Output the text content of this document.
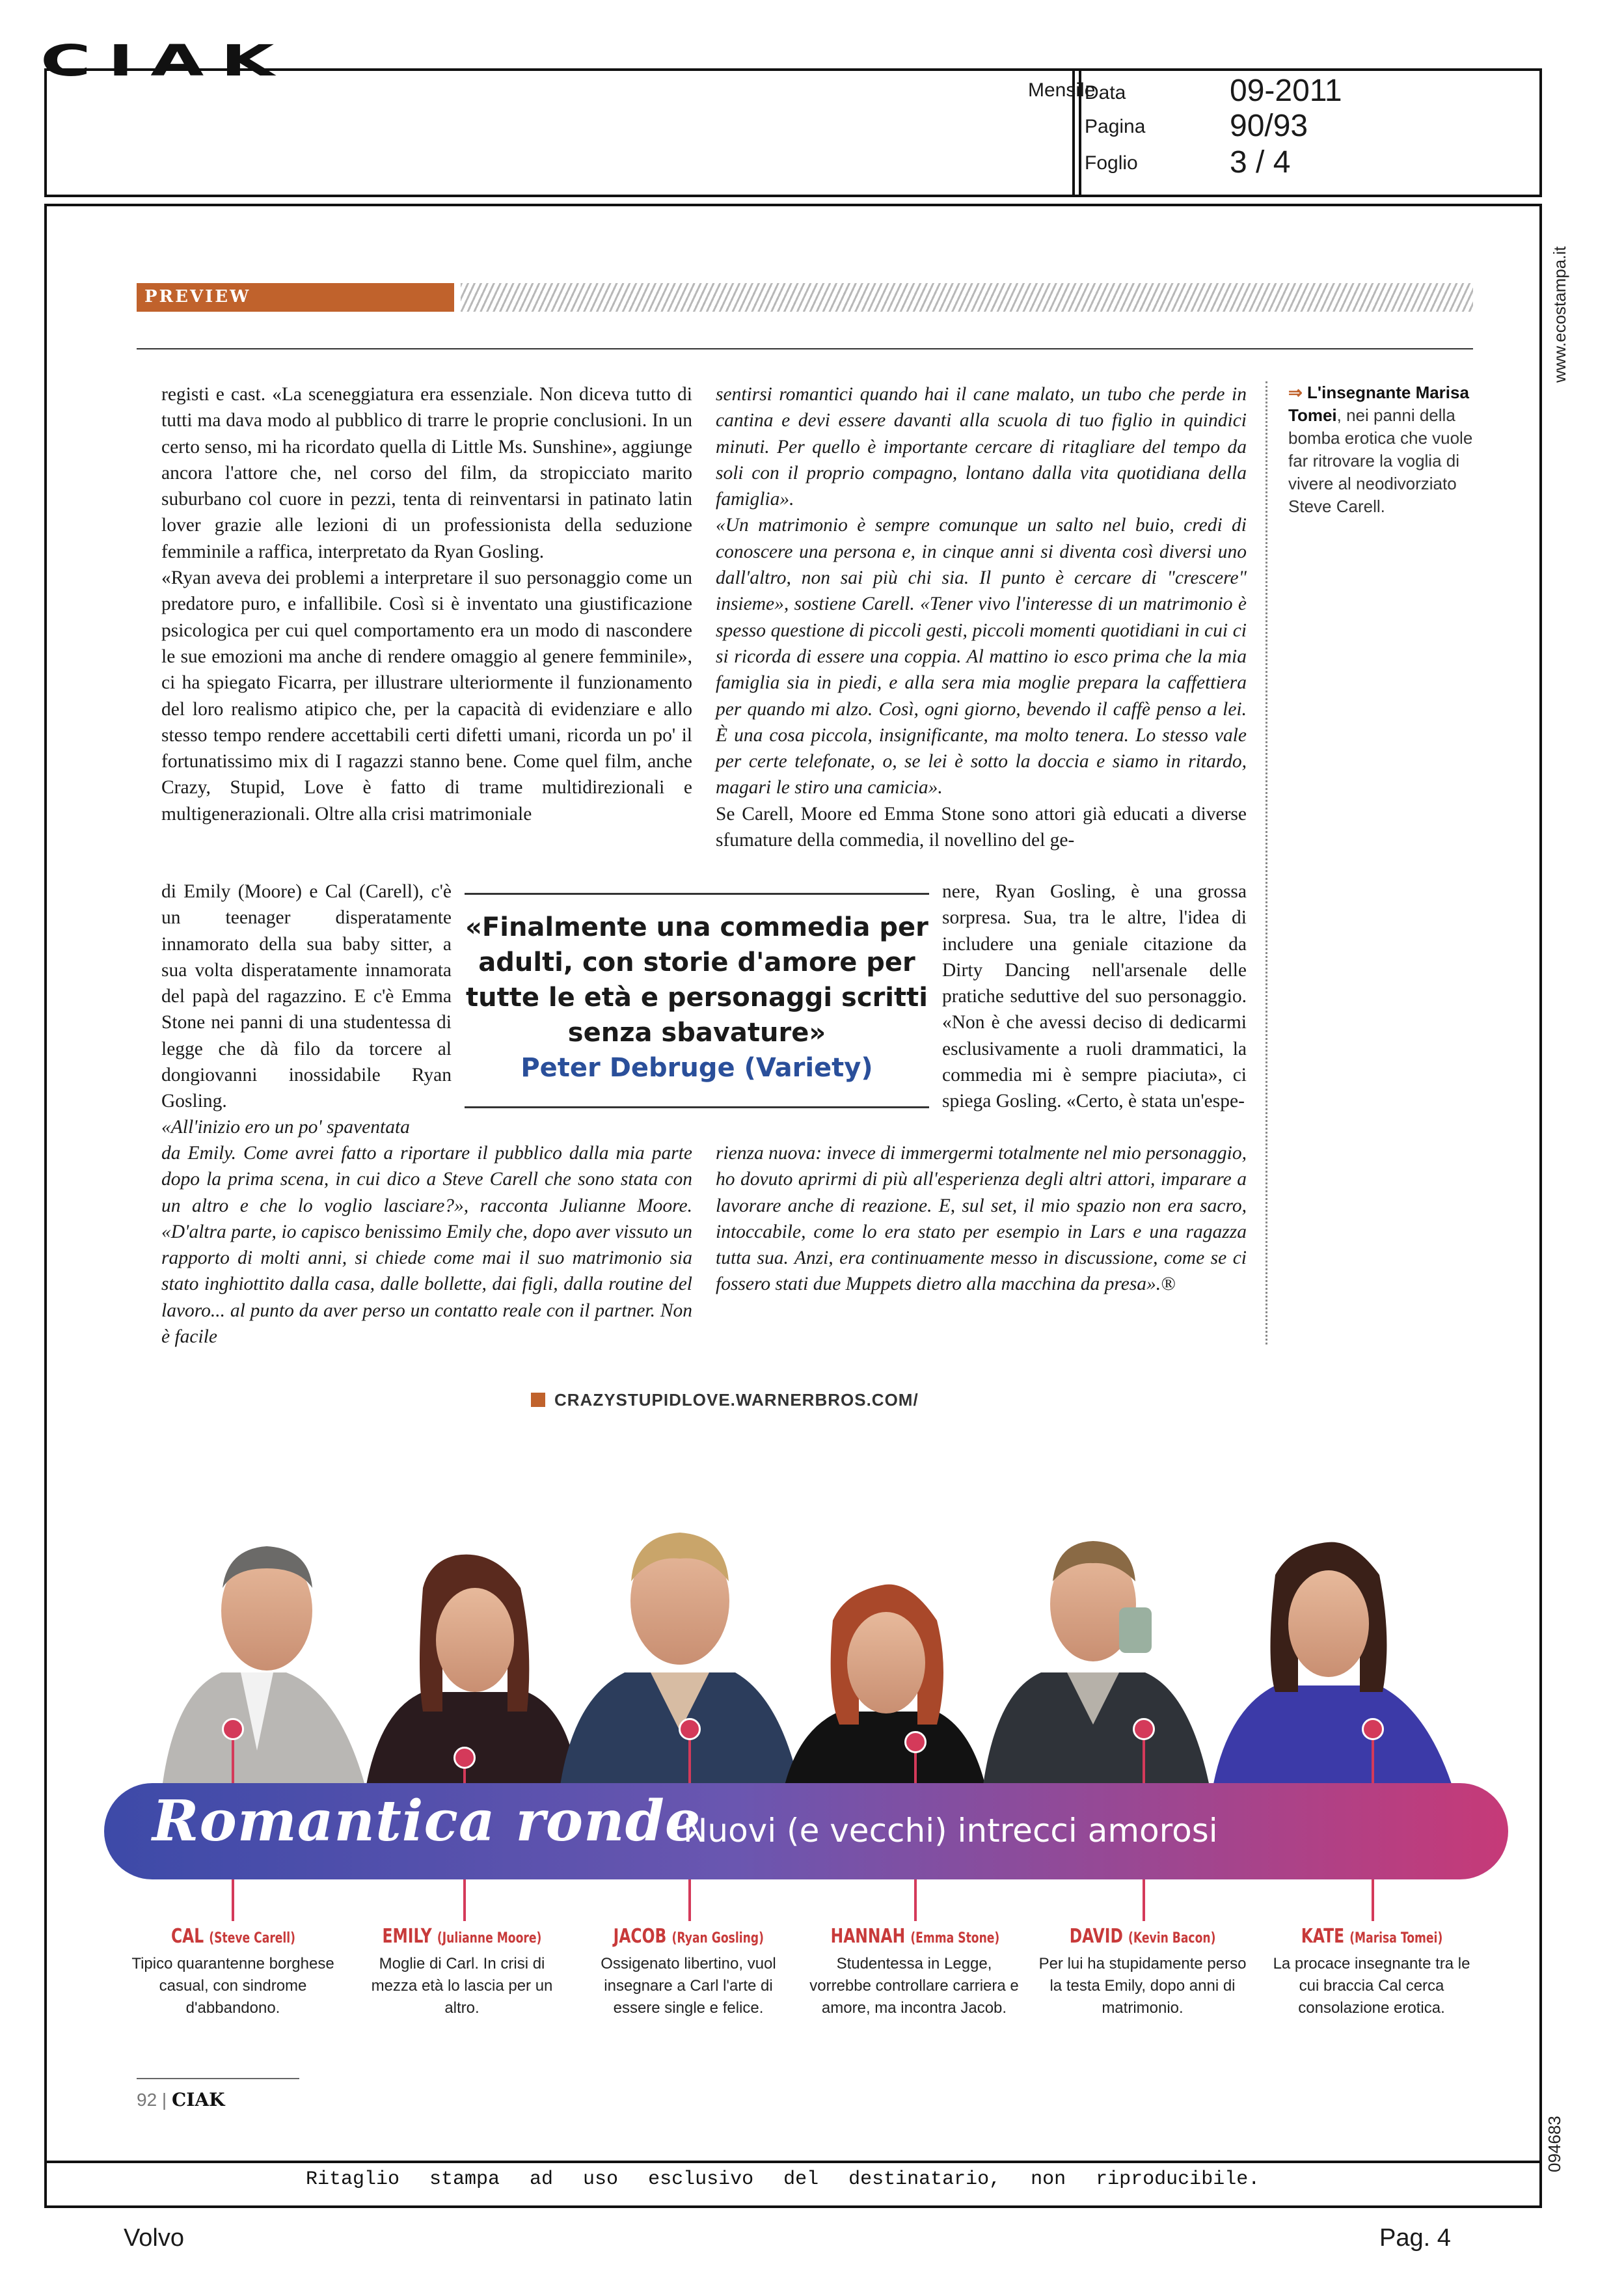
CIAK
Mensile
Data	09-2011
Pagina	90/93
Foglio	3 / 4
www.ecostampa.it
094683
PREVIEW

registi e cast. «La sceneggiatura era essenziale. Non diceva tutto di tutti ma dava modo al pubblico di trarre le proprie conclusioni. In un certo senso, mi ha ricordato quella di Little Ms. Sunshine», aggiunge ancora l'attore che, nel corso del film, da stropicciato marito suburbano col cuore in pezzi, tenta di reinventarsi in patinato latin lover grazie alle lezioni di un professionista della seduzione femminile a raffica, interpretato da Ryan Gosling.

«Ryan aveva dei problemi a interpretare il suo personaggio come un predatore puro, e infallibile. Così si è inventato una giustificazione psicologica per cui quel comportamento era un modo di nascondere le sue emozioni ma anche di rendere omaggio al genere femminile», ci ha spiegato Ficarra, per illustrare ulteriormente il funzionamento del loro realismo atipico che, per la capacità di evidenziare e allo stesso tempo rendere accettabili certi difetti umani, ricorda un po' il fortunatissimo mix di I ragazzi stanno bene. Come quel film, anche Crazy, Stupid, Love è fatto di trame multidirezionali e multigenerazionali. Oltre alla crisi matrimoniale

di Emily (Moore) e Cal (Carell), c'è un teenager disperatamente innamorato della sua baby sitter, a sua volta disperatamente innamorata del papà del ragazzino. E c'è Emma Stone nei panni di una studentessa di legge che dà filo da torcere al dongiovanni inossidabile Ryan Gosling.
«All'inizio ero un po' spaventata
da Emily. Come avrei fatto a riportare il pubblico dalla mia parte dopo la prima scena, in cui dico a Steve Carell che sono stata con un altro e che lo voglio lasciare?», racconta Julianne Moore. «D'altra parte, io capisco benissimo Emily che, dopo aver vissuto un rapporto di molti anni, si chiede come mai il suo matrimonio sia stato inghiottito dalla casa, dalle bollette, dai figli, dalla routine del lavoro... al punto da aver perso un contatto reale con il partner. Non è facile

sentirsi romantici quando hai il cane malato, un tubo che perde in cantina e devi essere davanti alla scuola di tuo figlio in quindici minuti. Per quello è importante cercare di ritagliare del tempo da soli con il proprio compagno, lontano dalla vita quotidiana della famiglia».

«Un matrimonio è sempre comunque un salto nel buio, credi di conoscere una persona e, in cinque anni si diventa così diversi uno dall'altro, non sai più chi sia. Il punto è cercare di "crescere" insieme», sostiene Carell. «Tener vivo l'interesse di un matrimonio è spesso questione di piccoli gesti, piccoli momenti quotidiani in cui ci si ricorda di essere una coppia. Al mattino io esco prima che la mia famiglia sia in piedi, e alla sera mia moglie prepara la caffettiera per quando mi alzo. Così, ogni giorno, bevendo il caffè penso a lei. È una cosa piccola, insignificante, ma molto tenera. Lo stesso vale per certe telefonate, o, se lei è sotto la doccia e siamo in ritardo, magari le stiro una camicia».

Se Carell, Moore ed Emma Stone sono attori già educati a diverse sfumature della commedia, il novellino del ge-

nere, Ryan Gosling, è una grossa sorpresa. Sua, tra le altre, l'idea di includere una geniale citazione da Dirty Dancing nell'arsenale delle pratiche seduttive del suo personaggio. «Non è che avessi deciso di dedicarmi esclusivamente a ruoli drammatici, la commedia mi è sempre piaciuta», ci spiega Gosling. «Certo, è stata un'espe-
rienza nuova: invece di immergermi totalmente nel mio personaggio, ho dovuto aprirmi di più all'esperienza degli altri attori, imparare a lavorare anche di reazione. E, sul set, il mio spazio non era sacro, intoccabile, come lo era stato per esempio in Lars e una ragazza tutta sua. Anzi, era continuamente messo in discussione, come se ci fossero stati due Muppets dietro alla macchina da presa».®
«Finalmente una commedia per adulti, con storie d'amore per tutte le età e personaggi scritti senza sbavature»
Peter Debruge (Variety)
⇒ L'insegnante Marisa Tomei, nei panni della bomba erotica che vuole far ritrovare la voglia di vivere al neodivorziato Steve Carell.
CRAZYSTUPIDLOVE.WARNERBROS.COM/
Romantica ronde
Nuovi (e vecchi) intrecci amorosi
CAL (Steve Carell)
Tipico quarantenne borghese casual, con sindrome d'abbandono.
EMILY (Julianne Moore)
Moglie di Carl. In crisi di mezza età lo lascia per un altro.
JACOB (Ryan Gosling)
Ossigenato libertino, vuol insegnare a Carl l'arte di essere single e felice.
HANNAH (Emma Stone)
Studentessa in Legge, vorrebbe controllare carriera e amore, ma incontra Jacob.
DAVID (Kevin Bacon)
Per lui ha stupidamente perso la testa Emily, dopo anni di matrimonio.
KATE (Marisa Tomei)
La procace insegnante tra le cui braccia Cal cerca consolazione erotica.
92 | CIAK
Ritaglio stampa ad uso esclusivo del destinatario, non riproducibile.
Volvo	Pag. 4
